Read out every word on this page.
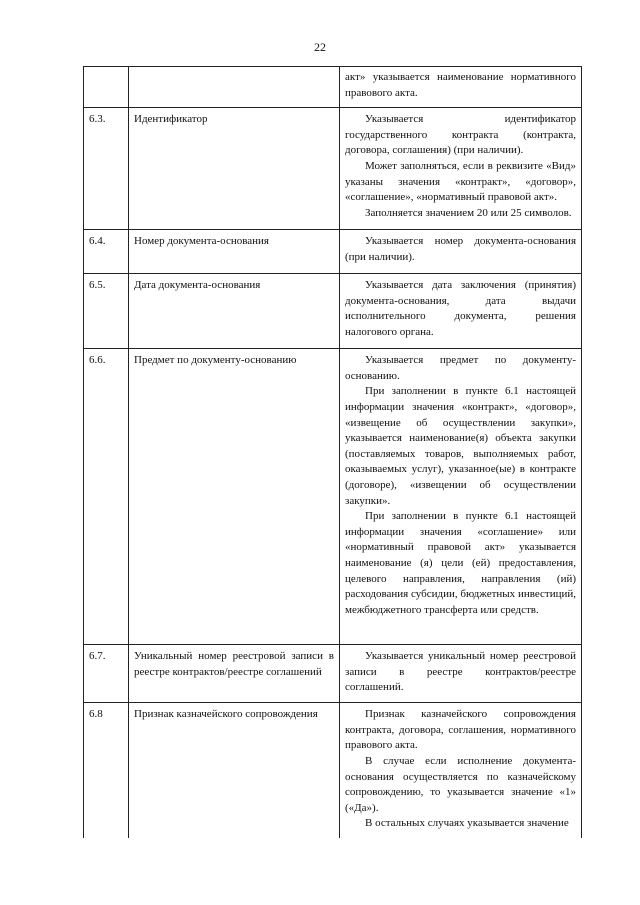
22

		акт» указывается наименование нормативного правового акта.

6.3.	Идентификатор	Указывается идентификатор государственного контракта (контракта, договора, соглашения) (при наличии).

Может заполняться, если в реквизите «Вид» указаны значения «контракт», «договор», «соглашение», «нормативный правовой акт».

Заполняется значением 20 или 25 символов.

6.4.	Номер документа-основания	Указывается номер документа-основания (при наличии).

6.5.	Дата документа-основания	Указывается дата заключения (принятия) документа-основания, дата выдачи исполнительного документа, решения налогового органа.

6.6.	Предмет по документу-основанию	Указывается предмет по документу-основанию.

При заполнении в пункте 6.1 настоящей информации значения «контракт», «договор», «извещение об осуществлении закупки», указывается наименование(я) объекта закупки (поставляемых товаров, выполняемых работ, оказываемых услуг), указанное(ые) в контракте (договоре), «извещении об осуществлении закупки».

При заполнении в пункте 6.1 настоящей информации значения «соглашение» или «нормативный правовой акт» указывается наименование (я) цели (ей) предоставления, целевого направления, направления (ий) расходования субсидии, бюджетных инвестиций, межбюджетного трансферта или средств.

6.7.	Уникальный номер реестровой записи в реестре контрактов/реестре соглашений	Указывается уникальный номер реестровой записи в реестре контрактов/реестре соглашений.

6.8	Признак казначейского сопровождения	Признак казначейского сопровождения контракта, договора, соглашения, нормативного правового акта.

В случае если исполнение документа-основания осуществляется по казначейскому сопровождению, то указывается значение «1» («Да»).

В остальных случаях указывается значение
